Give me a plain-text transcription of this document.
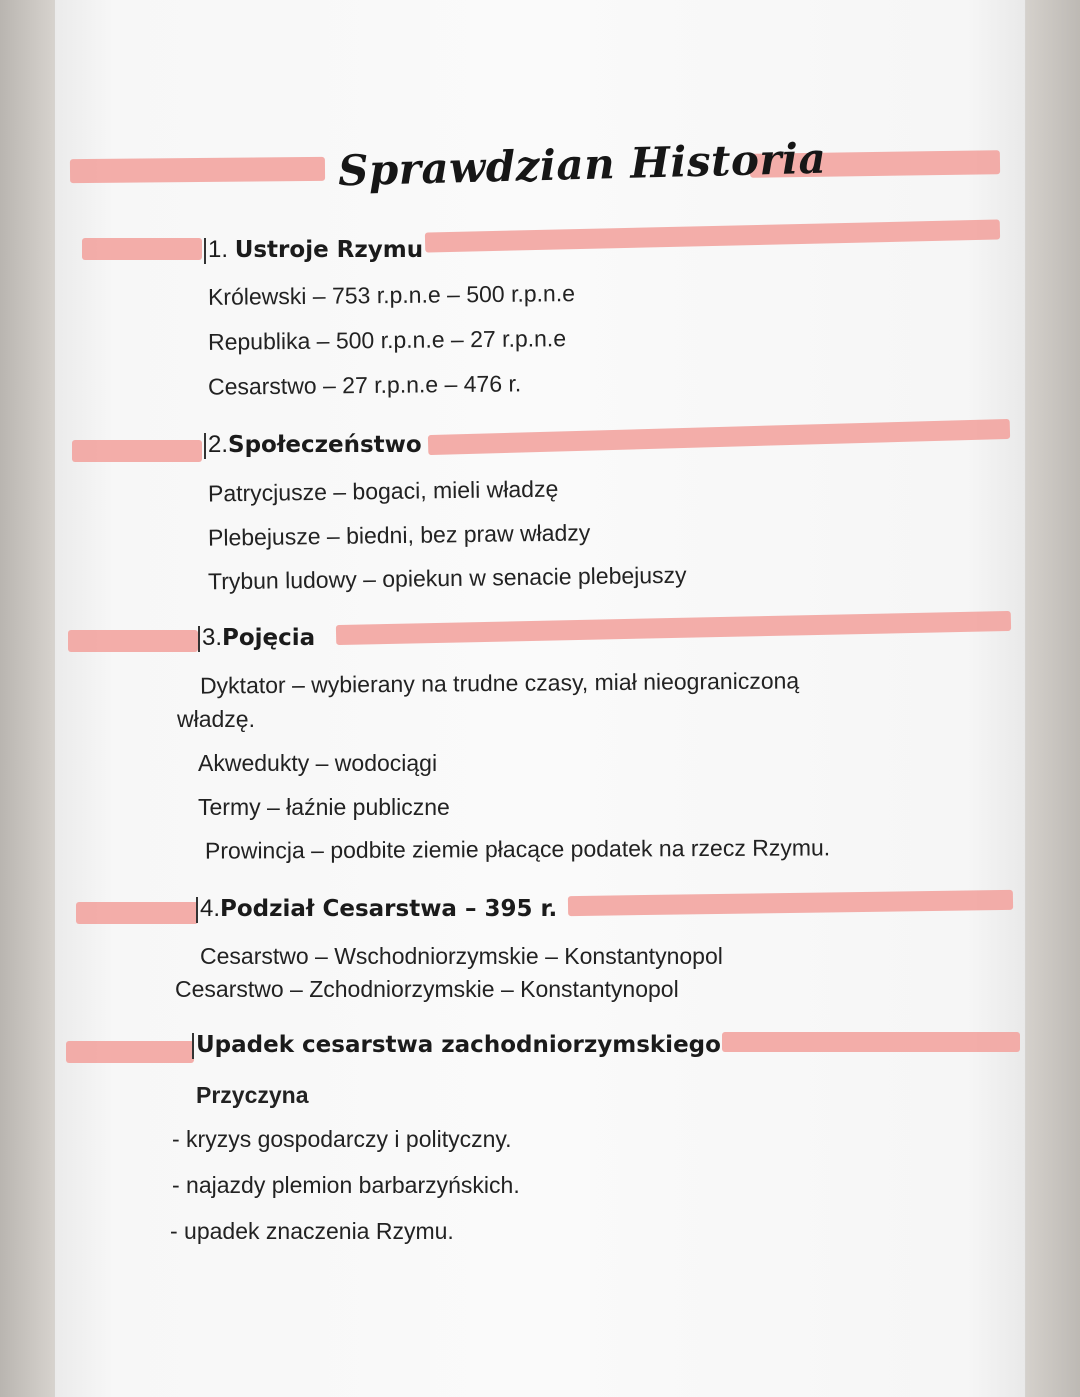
Sprawdzian Historia
1. Ustroje Rzymu
Królewski – 753 r.p.n.e – 500 r.p.n.e
Republika – 500 r.p.n.e – 27 r.p.n.e
Cesarstwo – 27 r.p.n.e – 476 r.
2.Społeczeństwo
Patrycjusze – bogaci, mieli władzę
Plebejusze – biedni, bez praw władzy
Trybun ludowy – opiekun w senacie plebejuszy
3.Pojęcia
Dyktator – wybierany na trudne czasy, miał nieograniczoną
władzę.
Akwedukty – wodociągi
Termy – łaźnie publiczne
Prowincja – podbite ziemie płacące podatek na rzecz Rzymu.
4.Podział Cesarstwa – 395 r.
Cesarstwo – Wschodniorzymskie – Konstantynopol
Cesarstwo – Zchodniorzymskie – Konstantynopol
Upadek cesarstwa zachodniorzymskiego
Przyczyna
- kryzys gospodarczy i polityczny.
- najazdy plemion barbarzyńskich.
- upadek znaczenia Rzymu.
